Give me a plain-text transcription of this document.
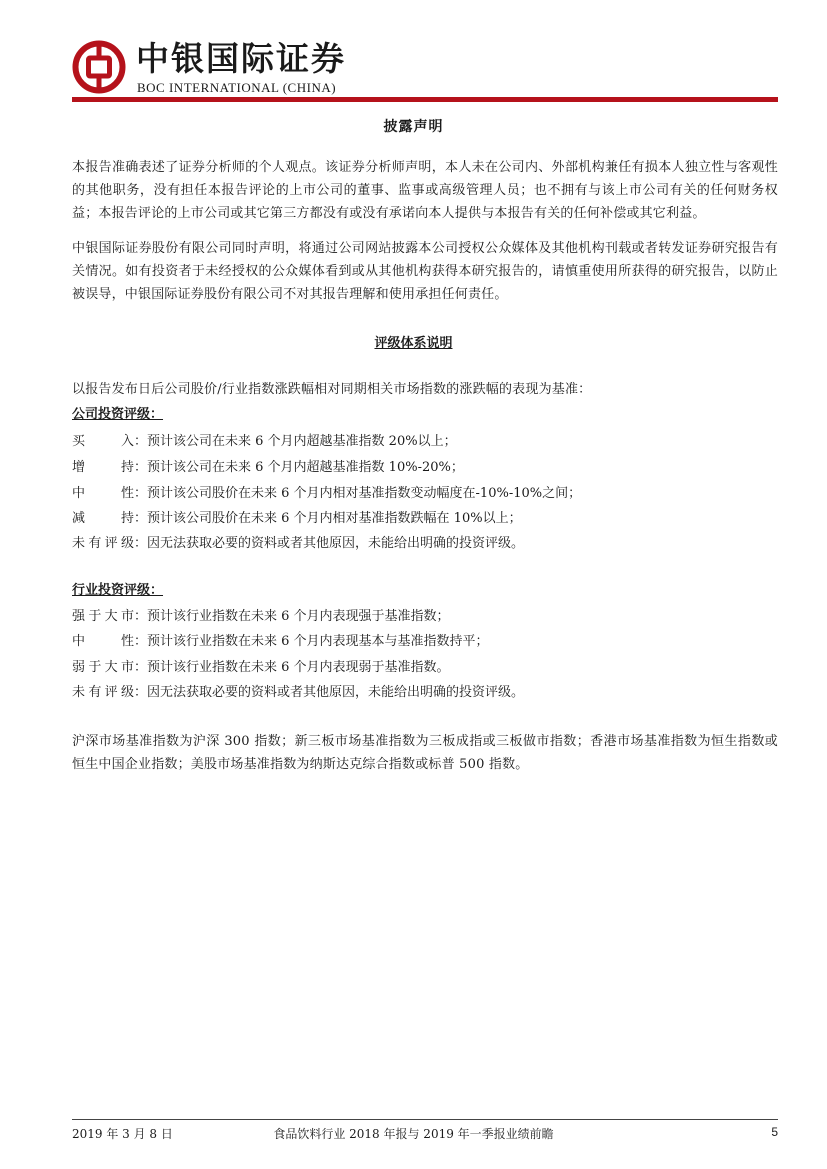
中银国际证券
BOC INTERNATIONAL (CHINA)
披露声明
本报告准确表述了证券分析师的个人观点。该证券分析师声明，本人未在公司内、外部机构兼任有损本人独立性与客观性的其他职务，没有担任本报告评论的上市公司的董事、监事或高级管理人员；也不拥有与该上市公司有关的任何财务权益；本报告评论的上市公司或其它第三方都没有或没有承诺向本人提供与本报告有关的任何补偿或其它利益。
中银国际证券股份有限公司同时声明，将通过公司网站披露本公司授权公众媒体及其他机构刊载或者转发证券研究报告有关情况。如有投资者于未经授权的公众媒体看到或从其他机构获得本研究报告的，请慎重使用所获得的研究报告，以防止被误导，中银国际证券股份有限公司不对其报告理解和使用承担任何责任。
评级体系说明
以报告发布日后公司股价/行业指数涨跌幅相对同期相关市场指数的涨跌幅的表现为基准：
公司投资评级：
买入：预计该公司在未来 6 个月内超越基准指数 20%以上；
增持：预计该公司在未来 6 个月内超越基准指数 10%-20%；
中性：预计该公司股价在未来 6 个月内相对基准指数变动幅度在-10%-10%之间；
减持：预计该公司股价在未来 6 个月内相对基准指数跌幅在 10%以上；
未有评级：因无法获取必要的资料或者其他原因，未能给出明确的投资评级。
行业投资评级：
强于大市：预计该行业指数在未来 6 个月内表现强于基准指数；
中性：预计该行业指数在未来 6 个月内表现基本与基准指数持平；
弱于大市：预计该行业指数在未来 6 个月内表现弱于基准指数。
未有评级：因无法获取必要的资料或者其他原因，未能给出明确的投资评级。
沪深市场基准指数为沪深 300 指数；新三板市场基准指数为三板成指或三板做市指数；香港市场基准指数为恒生指数或恒生中国企业指数；美股市场基准指数为纳斯达克综合指数或标普 500 指数。
2019 年 3 月 8 日	食品饮料行业 2018 年报与 2019 年一季报业绩前瞻	5
